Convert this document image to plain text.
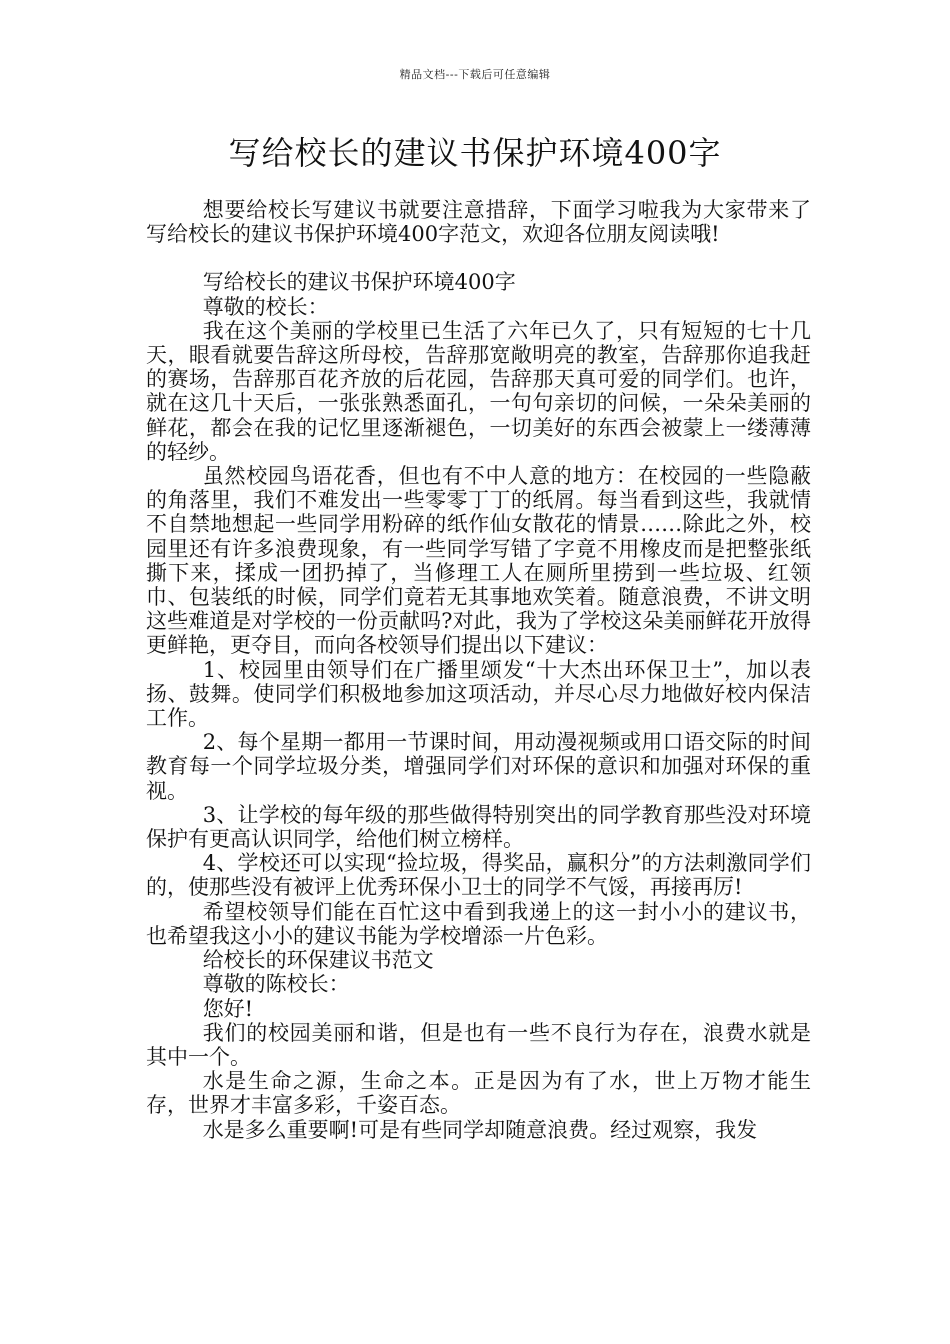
精品文档---下载后可任意编辑
写给校长的建议书保护环境400字

想要给校长写建议书就要注意措辞，下面学习啦我为大家带来了写给校长的建议书保护环境400字范文，欢迎各位朋友阅读哦!

写给校长的建议书保护环境400字

尊敬的校长：

我在这个美丽的学校里已生活了六年已久了，只有短短的七十几天，眼看就要告辞这所母校，告辞那宽敞明亮的教室，告辞那你追我赶的赛场，告辞那百花齐放的后花园，告辞那天真可爱的同学们。也许，就在这几十天后，一张张熟悉面孔，一句句亲切的问候，一朵朵美丽的鲜花，都会在我的记忆里逐渐褪色，一切美好的东西会被蒙上一缕薄薄的轻纱。

虽然校园鸟语花香，但也有不中人意的地方：在校园的一些隐蔽的角落里，我们不难发出一些零零丁丁的纸屑。每当看到这些，我就情不自禁地想起一些同学用粉碎的纸作仙女散花的情景……除此之外，校园里还有许多浪费现象，有一些同学写错了字竟不用橡皮而是把整张纸撕下来，揉成一团扔掉了，当修理工人在厕所里捞到一些垃圾、红领巾、包装纸的时候，同学们竟若无其事地欢笑着。随意浪费，不讲文明这些难道是对学校的一份贡献吗?对此，我为了学校这朵美丽鲜花开放得更鲜艳，更夺目，而向各校领导们提出以下建议：

1、校园里由领导们在广播里颂发“十大杰出环保卫士”，加以表扬、鼓舞。使同学们积极地参加这项活动，并尽心尽力地做好校内保洁工作。

2、每个星期一都用一节课时间，用动漫视频或用口语交际的时间教育每一个同学垃圾分类，增强同学们对环保的意识和加强对环保的重视。

3、让学校的每年级的那些做得特别突出的同学教育那些没对环境保护有更高认识同学，给他们树立榜样。

4、学校还可以实现“捡垃圾，得奖品，赢积分”的方法刺激同学们的，使那些没有被评上优秀环保小卫士的同学不气馁，再接再厉!

希望校领导们能在百忙这中看到我递上的这一封小小的建议书，也希望我这小小的建议书能为学校增添一片色彩。

给校长的环保建议书范文

尊敬的陈校长：

您好!

我们的校园美丽和谐，但是也有一些不良行为存在，浪费水就是其中一个。

水是生命之源，生命之本。正是因为有了水，世上万物才能生存，世界才丰富多彩，千姿百态。

水是多么重要啊!可是有些同学却随意浪费。经过观察，我发
